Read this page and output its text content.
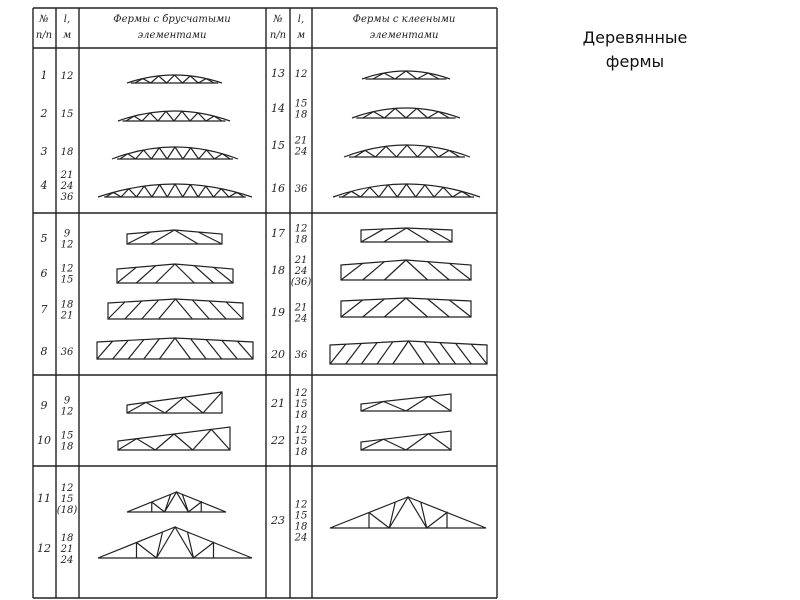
Деревянные
фермы
№
п/п
l,
м
Фермы с брусчатыми
элементами
№
п/п
l,
м
Фермы с клееными
элементами
1 12
2 15
3 18
4
21
24
36
5 9
12
6 12
15
7 18
21
8 36
9 9
12
10 15
18
11
12
15
(18)
12
18
21
24
13 12
14 15
18
15 21
24
16 36
17 12
18
18
21
24
(36)
19 21
24
20 36
21
12
15
18
22
12
15
18
23
12
15
18
24
